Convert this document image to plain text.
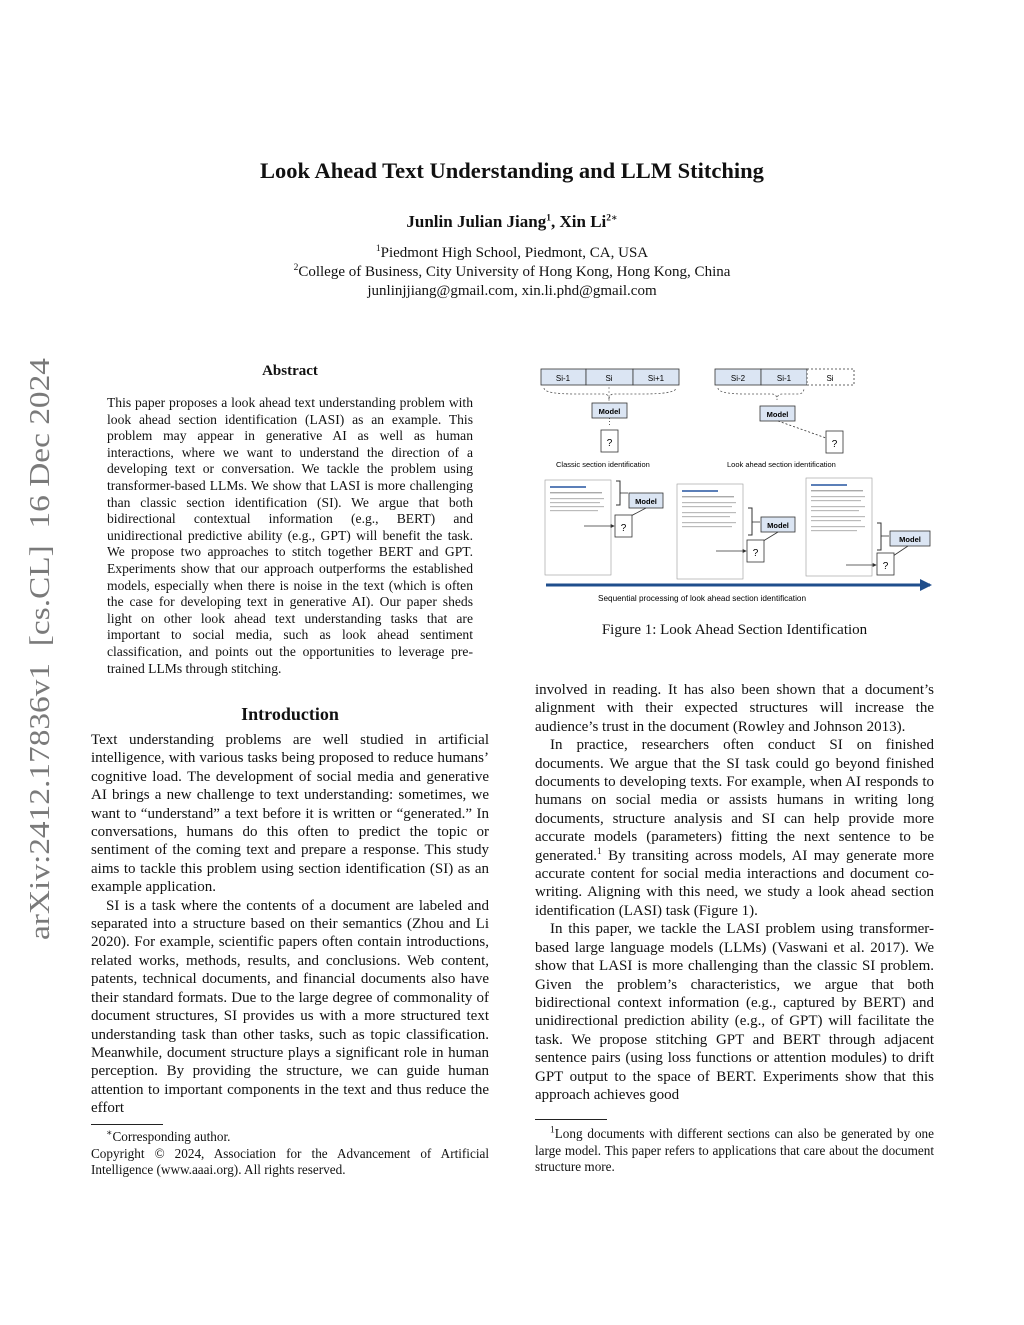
arXiv:2412.17836v1  [cs.CL]  16 Dec 2024
Look Ahead Text Understanding and LLM Stitching
Junlin Julian Jiang$^1$, Xin $Li^{2∗}$
$^1$Piedmont High School, Piedmont, CA, USA
$^2$College of Business, City University of Hong Kong, Hong Kong, China
junlinjjiang@gmail.com, xin.li.phd@gmail.com
Abstract
This paper proposes a look ahead text understanding problem with look ahead section identification (LASI) as an example. This problem may appear in generative AI as well as human interactions, where we want to understand the direction of a developing text or conversation. We tackle the problem using transformer-based LLMs. We show that LASI is more challenging than classic section identification (SI). We argue that both bidirectional contextual information (e.g., BERT) and unidirectional predictive ability (e.g., GPT) will benefit the task. We propose two approaches to stitch together BERT and GPT. Experiments show that our approach outperforms the established models, especially when there is noise in the text (which is often the case for developing text in generative AI). Our paper sheds light on other look ahead text understanding tasks that are important to social media, such as look ahead sentiment classification, and points out the opportunities to leverage pre-trained LLMs through stitching.
Introduction

Text understanding problems are well studied in artificial intelligence, with various tasks being proposed to reduce humans’ cognitive load. The development of social media and generative AI brings a new challenge to text understanding: sometimes, we want to “understand” a text before it is written or “generated.” In conversations, humans do this often to predict the topic or sentiment of the coming text and prepare a response. This study aims to tackle this problem using section identification (SI) as an example application.

SI is a task where the contents of a document are labeled and separated into a structure based on their semantics (Zhou and Li 2020). For example, scientific papers often contain introductions, related works, methods, results, and conclusions. Web content, patents, technical documents, and financial documents also have their standard formats. Due to the large degree of commonality of document structures, SI provides us with a more structured text understanding task than other tasks, such as topic classification. Meanwhile, document structure plays a significant role in human perception. By providing the structure, we can guide human attention to important components in the text and thus reduce the effort

∗Corresponding author.

Copyright © 2024, Association for the Advancement of Artificial Intelligence (www.aaai.org). All rights reserved.

Si-1	Si	Si+1
Model
?
Classic section identification
Si-2	Si-1	Si
Model
?
Look ahead section identification
Model
?	Model
?
Model
?
Sequential processing of look ahead section identification
Figure 1: Look Ahead Section Identification

involved in reading. It has also been shown that a document’s alignment with their expected structures will increase the audience’s trust in the document (Rowley and Johnson 2013).

In practice, researchers often conduct SI on finished documents. We argue that the SI task could go beyond finished documents to developing texts. For example, when AI responds to humans on social media or assists humans in writing long documents, structure analysis and SI can help provide more accurate models (parameters) fitting the next sentence to be generated.$^1$ By transiting across models, AI may generate more accurate content for social media interactions and document co-writing. Aligning with this need, we study a look ahead section identification (LASI) task (Figure 1).

In this paper, we tackle the LASI problem using transformer-based large language models (LLMs) (Vaswani et al. 2017). We show that LASI is more challenging than the classic SI problem. Given the problem’s characteristics, we argue that both bidirectional context information (e.g., captured by BERT) and unidirectional prediction ability (e.g., of GPT) will facilitate the task. We propose stitching GPT and BERT through adjacent sentence pairs (using loss functions or attention modules) to drift GPT output to the space of BERT. Experiments show that this approach achieves good

$^1$Long documents with different sections can also be generated by one large model. This paper refers to applications that care about the document structure more.
